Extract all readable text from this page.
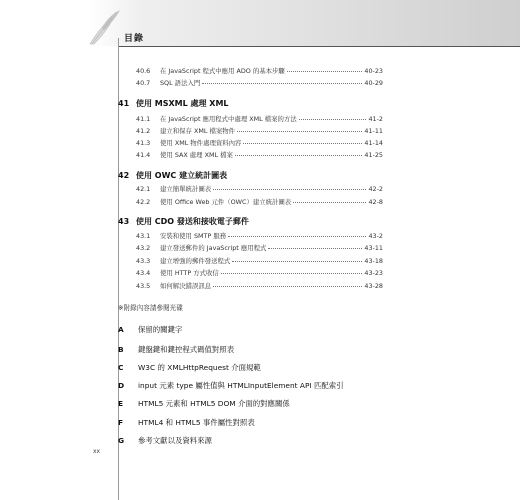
目錄
40.6	在 JavaScript 程式中應用 ADO 的基本步驟	40-23
40.7	SQL 語法入門	40-29
41 使用 MSXML 處理 XML
41.1	在 JavaScript 應用程式中處理 XML 檔案的方法	41-2
41.2	建立和保存 XML 檔案物件	41-11
41.3	使用 XML 物件處理資料內容	41-14
41.4	使用 SAX 處理 XML 檔案	41-25
42 使用 OWC 建立統計圖表
42.1	建立簡單統計圖表	42-2
42.2	使用 Office Web 元件（OWC）建立統計圖表	42-8
43 使用 CDO 發送和接收電子郵件
43.1	安裝和使用 SMTP 服務	43-2
43.2	建立發送郵件的 JavaScript 應用程式	43-11
43.3	建立增強的郵件發送程式	43-18
43.4	使用 HTTP 方式收信	43-23
43.5	如何解決錯誤訊息	43-28
※附錄內容請參閱光碟
A 保留的關鍵字
B 鍵盤鍵和鍵控程式碼值對照表
C W3C 的 XMLHttpRequest 介面規範
D input 元素 type 屬性值與 HTMLInputElement API 匹配索引
E HTML5 元素和 HTML5 DOM 介面的對應關係
F HTML4 和 HTML5 事件屬性對照表
G 參考文獻以及資料來源
xx
